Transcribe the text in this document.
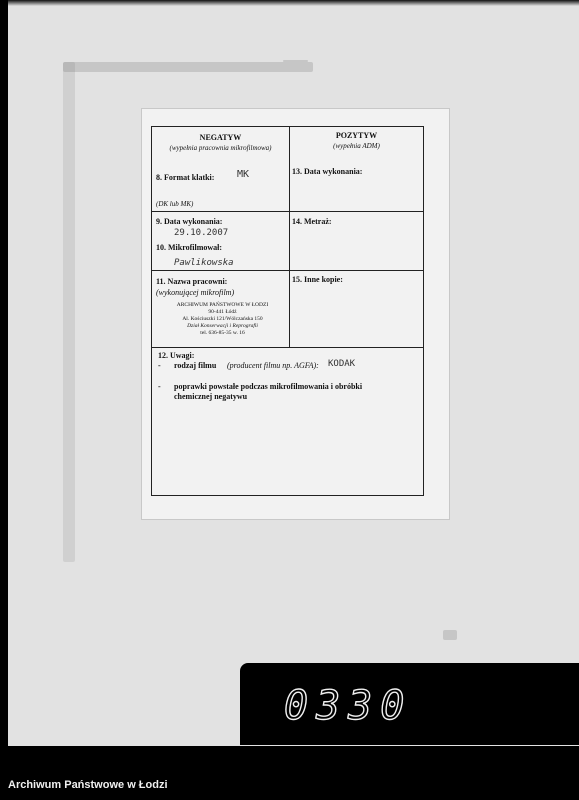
NEGATYW
(wypełnia pracownia mikrofilmowa)
POZYTYW
(wypełnia ADM)
8. Format klatki: MK
(DK lub MK)
9. Data wykonania:
29.10.2007
10. Mikrofilmował:
Pawlikowska
11. Nazwa pracowni:
(wykonującej mikrofilm)
ARCHIWUM PAŃSTWOWE W ŁODZI
90-441 Łódź
Al. Kościuszki 121/Wólczańska 150
Dział Konserwacji i Reprografii
tel. 636-85-35 w. 16
13. Data wykonania:
14. Metraż:
15. Inne kopie:
12. Uwagi:
- rodzaj filmu (producent filmu np. AGFA): KODAK
- poprawki powstałe podczas mikrofilmowania i obróbki
chemicznej negatywu
0330
Archiwum Państwowe w Łodzi
